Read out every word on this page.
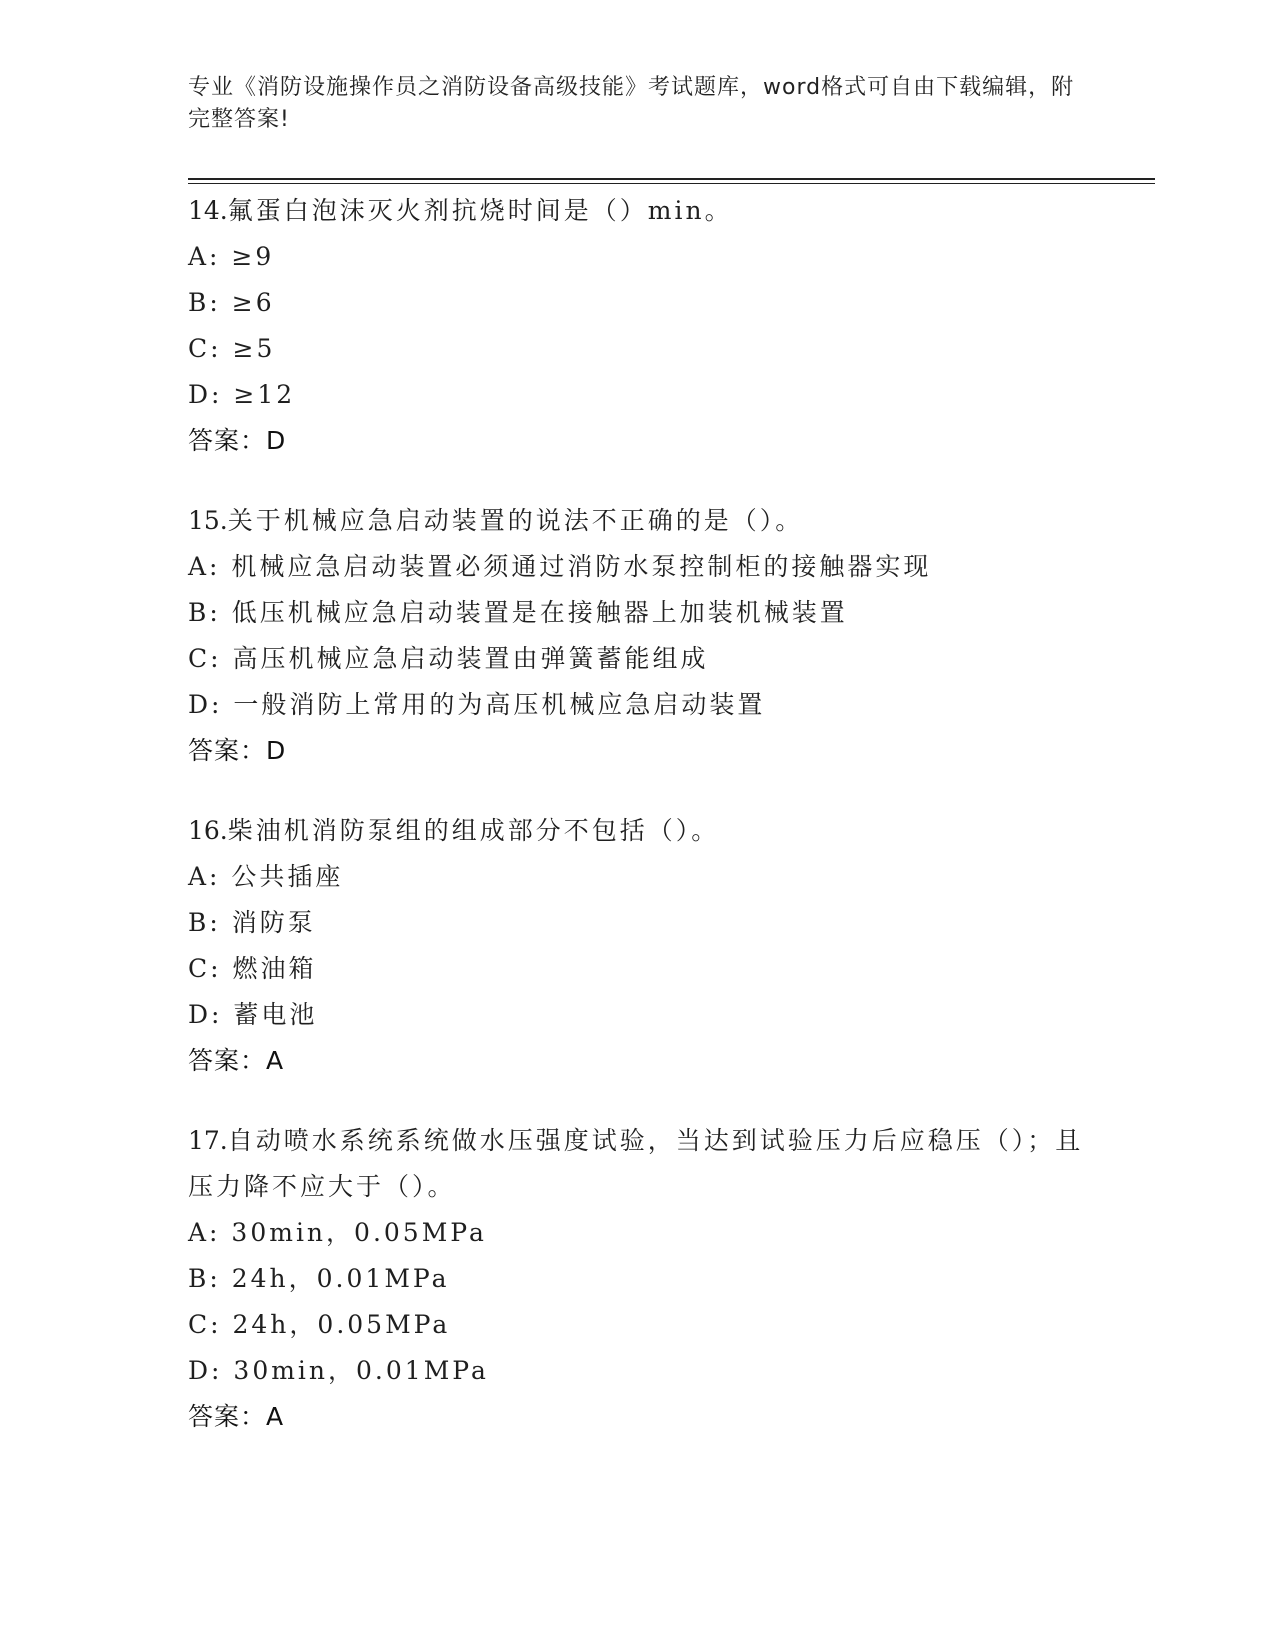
专业《消防设施操作员之消防设备高级技能》考试题库，word格式可自由下载编辑，附完整答案!
14.氟蛋白泡沫灭火剂抗烧时间是（）min。
A: ≥9
B: ≥6
C: ≥5
D: ≥12
答案：D
15.关于机械应急启动装置的说法不正确的是（）。
A: 机械应急启动装置必须通过消防水泵控制柜的接触器实现
B: 低压机械应急启动装置是在接触器上加装机械装置
C: 高压机械应急启动装置由弹簧蓄能组成
D: 一般消防上常用的为高压机械应急启动装置
答案：D
16.柴油机消防泵组的组成部分不包括（）。
A: 公共插座
B: 消防泵
C: 燃油箱
D: 蓄电池
答案：A
17.自动喷水系统系统做水压强度试验，当达到试验压力后应稳压（）；且压力降不应大于（）。
A: 30min，0.05MPa
B: 24h，0.01MPa
C: 24h，0.05MPa
D: 30min，0.01MPa
答案：A
